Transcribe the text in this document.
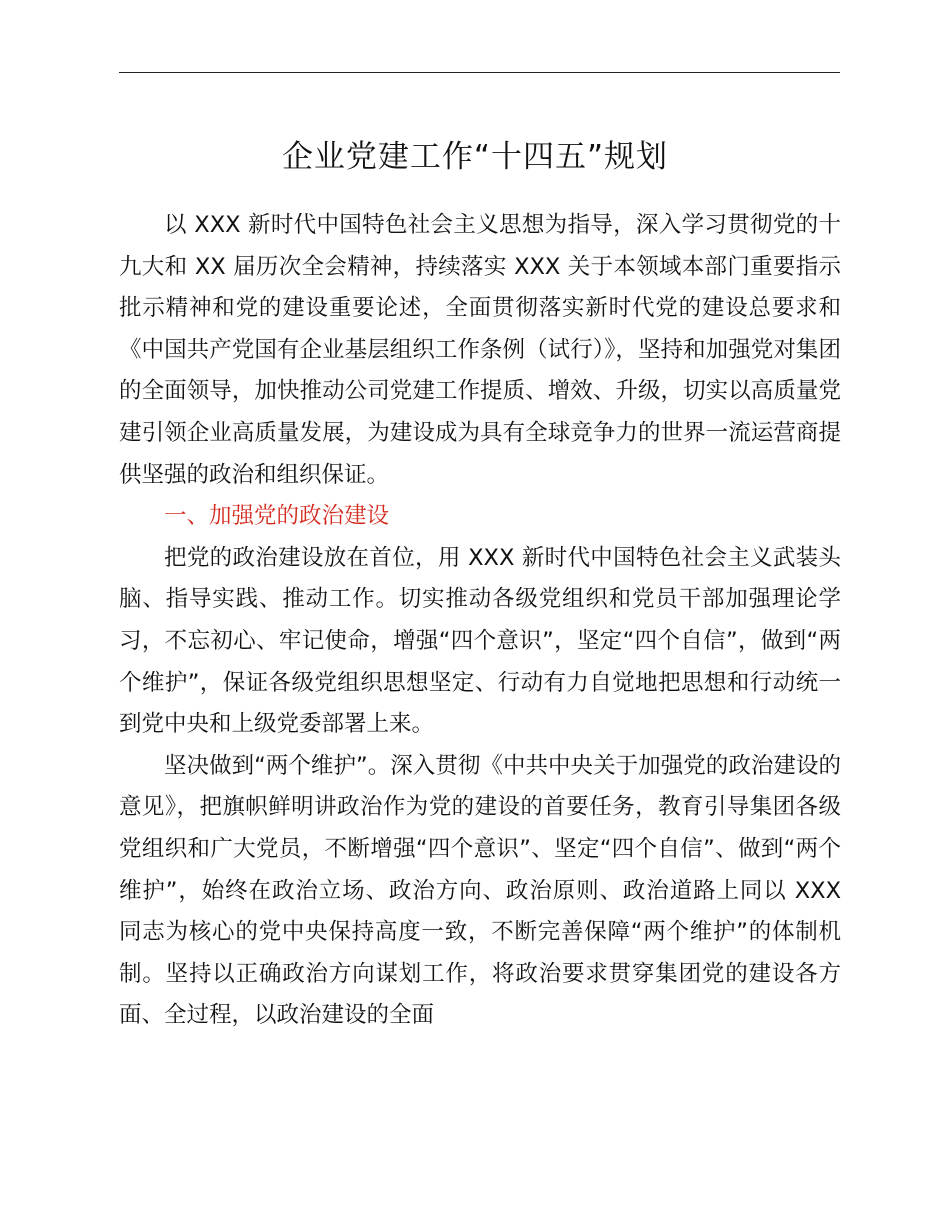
企业党建工作“十四五”规划

以 XXX 新时代中国特色社会主义思想为指导，深入学习贯彻党的十九大和 XX 届历次全会精神，持续落实 XXX 关于本领域本部门重要指示批示精神和党的建设重要论述，全面贯彻落实新时代党的建设总要求和《中国共产党国有企业基层组织工作条例（试行）》，坚持和加强党对集团的全面领导，加快推动公司党建工作提质、增效、升级，切实以高质量党建引领企业高质量发展，为建设成为具有全球竞争力的世界一流运营商提供坚强的政治和组织保证。

一、加强党的政治建设

把党的政治建设放在首位，用 XXX 新时代中国特色社会主义武装头脑、指导实践、推动工作。切实推动各级党组织和党员干部加强理论学习，不忘初心、牢记使命，增强“四个意识”，坚定“四个自信”，做到“两个维护”，保证各级党组织思想坚定、行动有力自觉地把思想和行动统一到党中央和上级党委部署上来。

坚决做到“两个维护”。深入贯彻《中共中央关于加强党的政治建设的意见》，把旗帜鲜明讲政治作为党的建设的首要任务，教育引导集团各级党组织和广大党员，不断增强“四个意识”、坚定“四个自信”、做到“两个维护”，始终在政治立场、政治方向、政治原则、政治道路上同以 XXX 同志为核心的党中央保持高度一致，不断完善保障“两个维护”的体制机制。坚持以正确政治方向谋划工作，将政治要求贯穿集团党的建设各方面、全过程，以政治建设的全面
